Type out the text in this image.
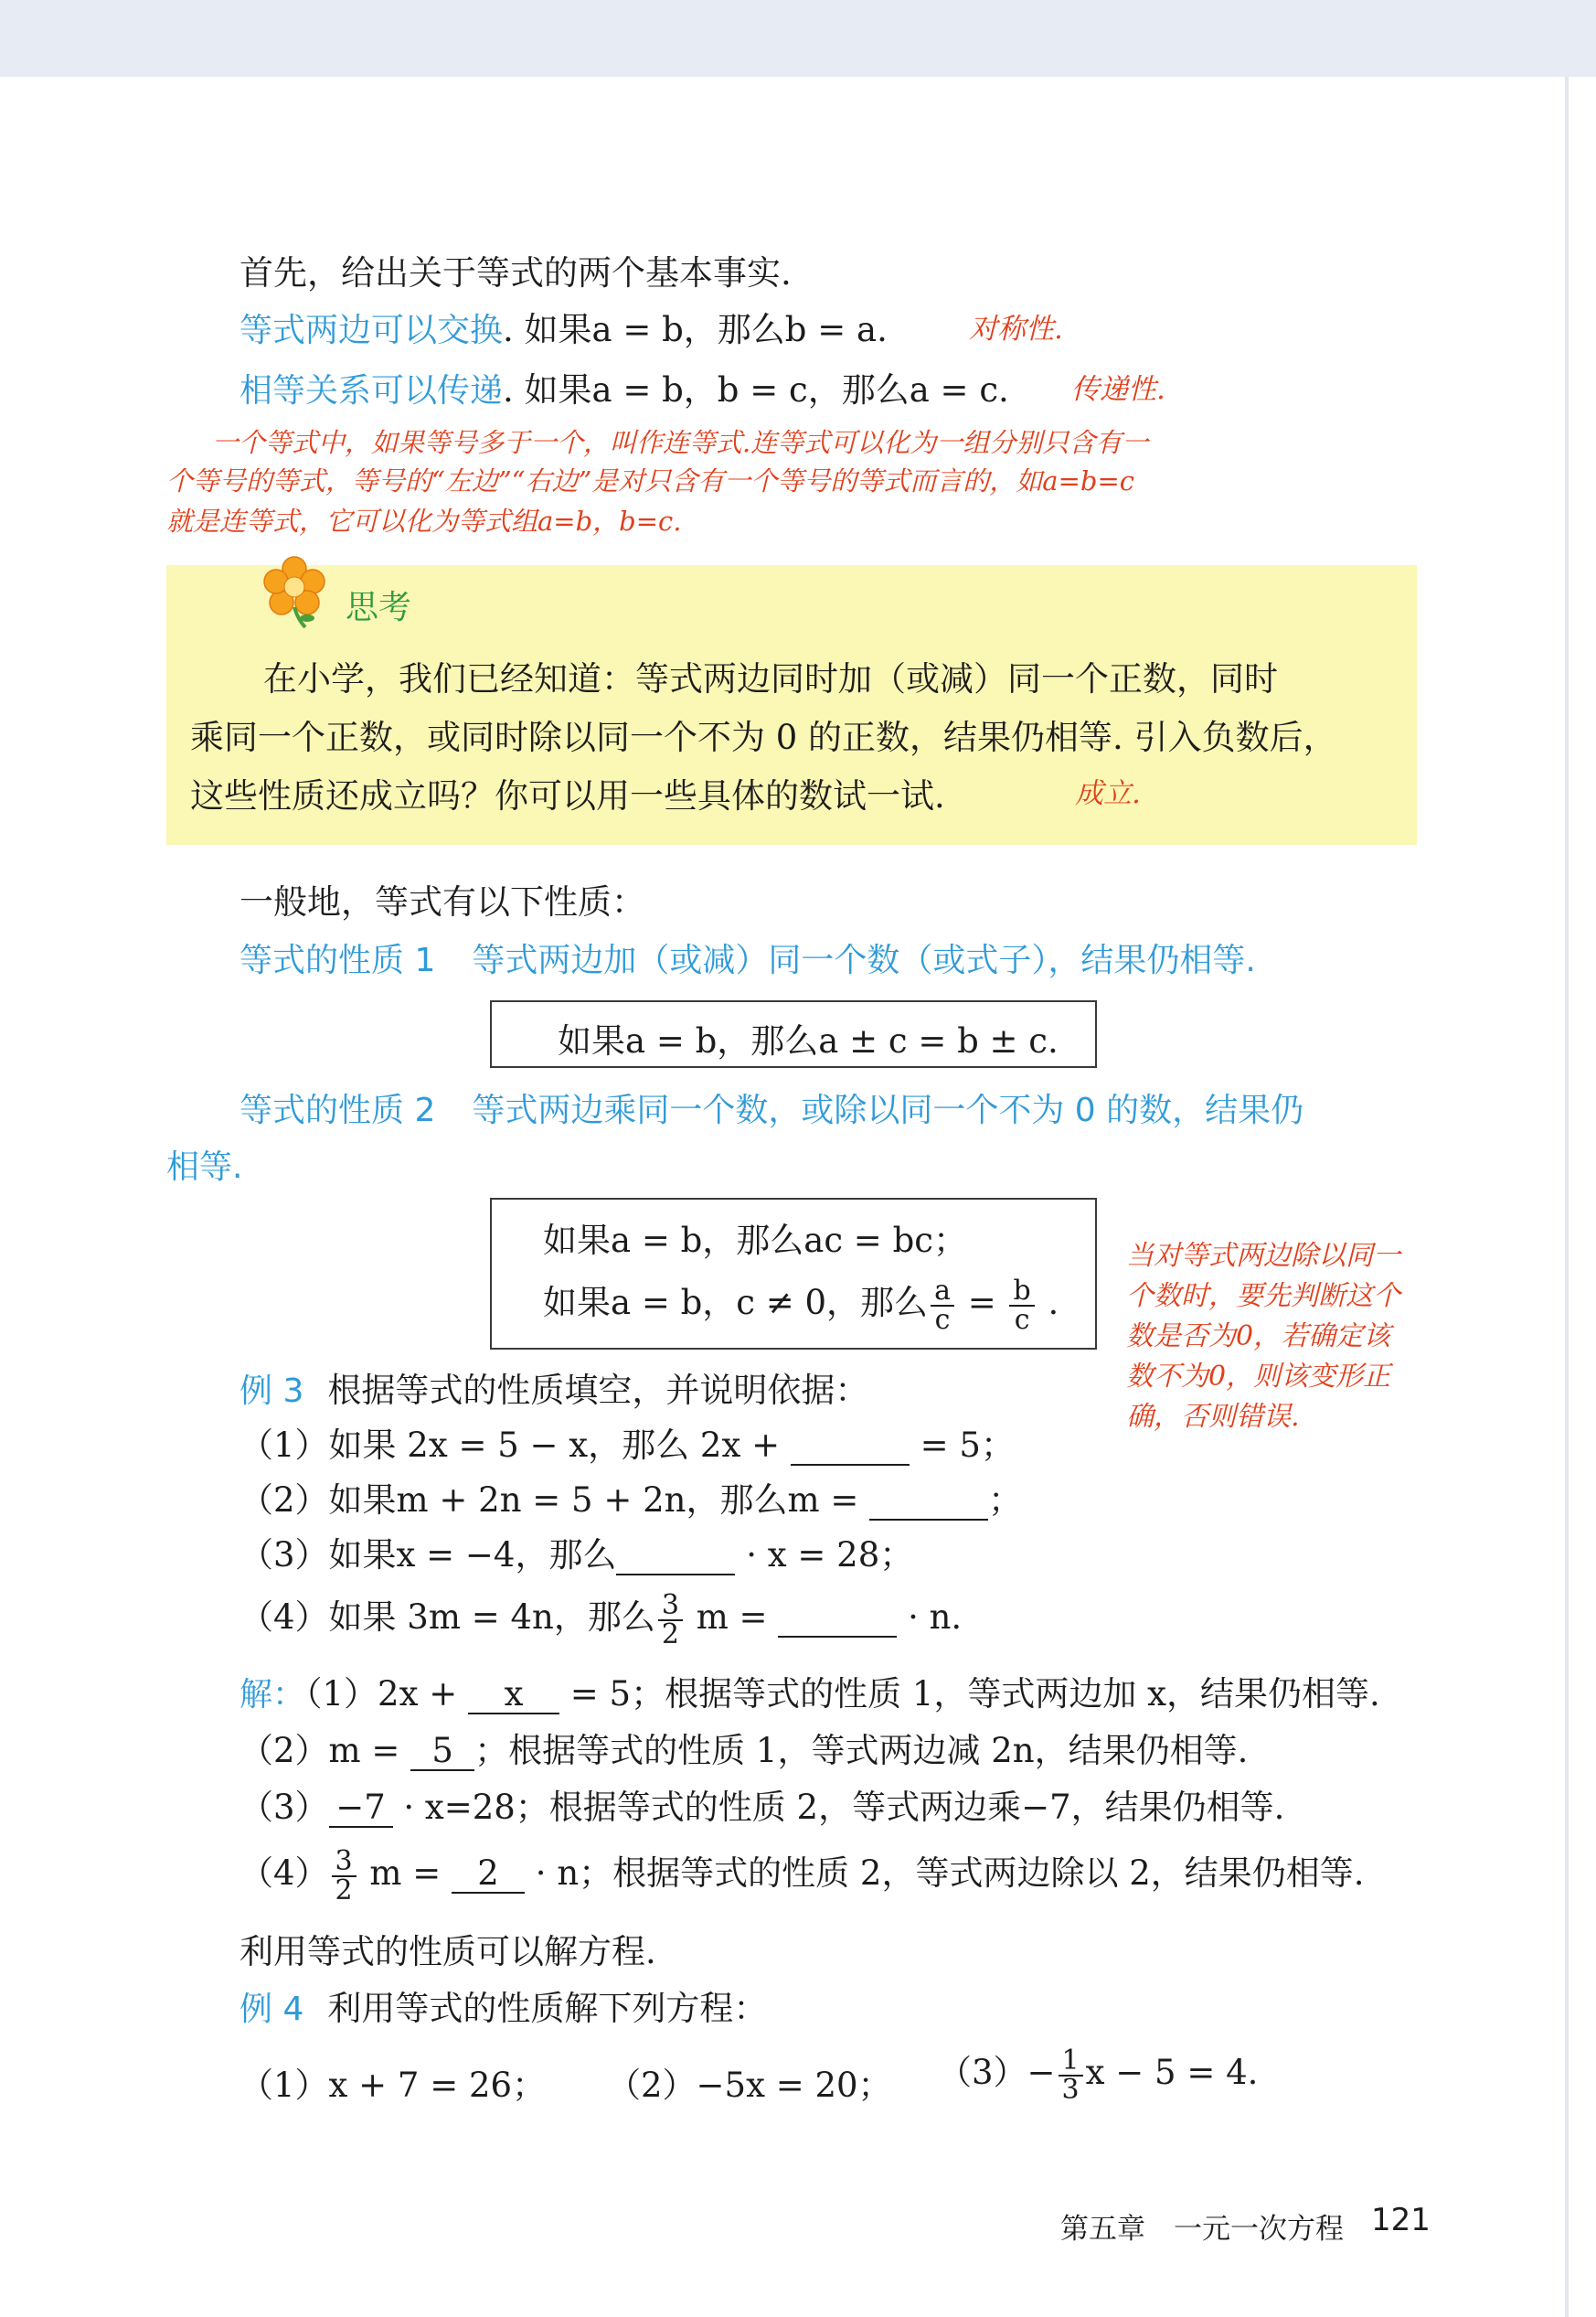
首先，给出关于等式的两个基本事实.
等式两边可以交换. 如果a = b，那么b = a.	对称性.
相等关系可以传递. 如果a = b，b = c，那么a = c. 传递性.
一个等式中，如果等号多于一个，叫作连等式.连等式可以化为一组分别只含有一
个等号的等式，等号的“左边”“右边”是对只含有一个等号的等式而言的，如a=b=c
就是连等式，它可以化为等式组a=b，b=c.
思考
在小学，我们已经知道：等式两边同时加（或减）同一个正数，同时
乘同一个正数，或同时除以同一个不为 0 的正数，结果仍相等. 引入负数后，
这些性质还成立吗？你可以用一些具体的数试一试.	成立.
一般地，等式有以下性质：
等式的性质 1 等式两边加（或减）同一个数（或式子），结果仍相等.
如果a = b，那么a ± c = b ± c.
等式的性质 2 等式两边乘同一个数，或除以同一个不为 0 的数，结果仍
相等.
如果a = b，那么ac = bc；
如果a = b，c ≠ 0，那么 $\frac{a}{c} = \frac{b}{c}$ .
当对等式两边除以同一个数时，要先判断这个数是否为0，若确定该数不为0，则该变形正确，否则错误.
例 3 根据等式的性质填空，并说明依据：
（1）如果 2x = 5 − x，那么 2x +	= 5；
（2）如果m + 2n = 5 + 2n，那么m =	；
（3）如果x = −4，那么	· x = 28；
（4）如果 3m = 4n，那么 $\frac{3}{2}$ m =	· n.
解：（1）2x + x = 5；根据等式的性质 1，等式两边加 x，结果仍相等.
（2）m = 5 ；根据等式的性质 1，等式两边减 2n，结果仍相等.
（3） −7 · x=28；根据等式的性质 2，等式两边乘−7，结果仍相等.
$(4) \frac{3}{2}$ m = 2 · n；根据等式的性质 2，等式两边除以 2，结果仍相等.
利用等式的性质可以解方程.
例 4 利用等式的性质解下列方程：
（1）x + 7 = 26； （2）−5x = 20； $(3)- \frac{1}{3}$ x − 5 = 4.
第五章　一元一次方程 121
